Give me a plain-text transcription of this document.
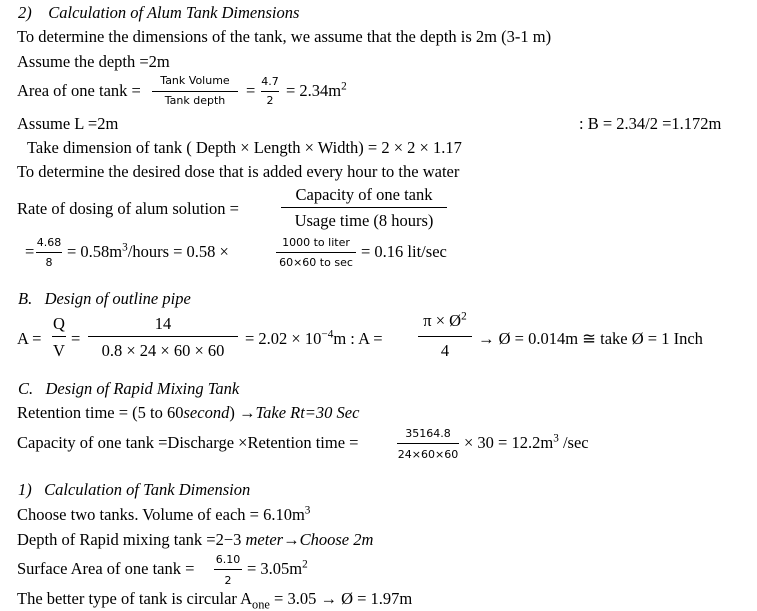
2) Calculation of Alum Tank Dimensions
To determine the dimensions of the tank, we assume that the depth is 2m (3-1 m)
Assume the depth =2m
Area of one tank =
Tank Volume
Tank depth
= 4.7
2
= $2.34m^2$
Assume L =2m	: B = 2.34/2 =1.172m
Take dimension of tank ( Depth × Length × Width) = 2 × 2 × 1.17
To determine the desired dose that is added every hour to the water
Rate of dosing of alum solution =
Capacity of one tank
Usage time (8 hours)
= 4.68
8
= $0.58m^3$/hours = 0.58 ×	1000 to liter
60×60 to sec
= 0.16 lit/sec
B. Design of outline pipe
A =
Q
V
=
14
0.8 × 24 × 60 × 60
= $2.02 \times 10^{-4}m$ : A =
$\pi \times Ø^2$
4
→ Ø = 0.014m ≅ take Ø = 1 Inch
C. Design of Rapid Mixing Tank
Retention time = (5 to 60second) →Take Rt=30 Sec
Capacity of one tank =Discharge ×Retention time =	35164.8
24×60×60
× $30 = 12.2m^3$ /sec
1) Calculation of Tank Dimension
Choose two tanks. Volume of each = $6.10m^3$
Depth of Rapid mixing tank =2−3 meter→Choose 2m
Surface Area of one tank = 6.10
2
= $3.05m^2$
The better type of tank is circular $A_{one} = 3.05$ → Ø = 1.97m
